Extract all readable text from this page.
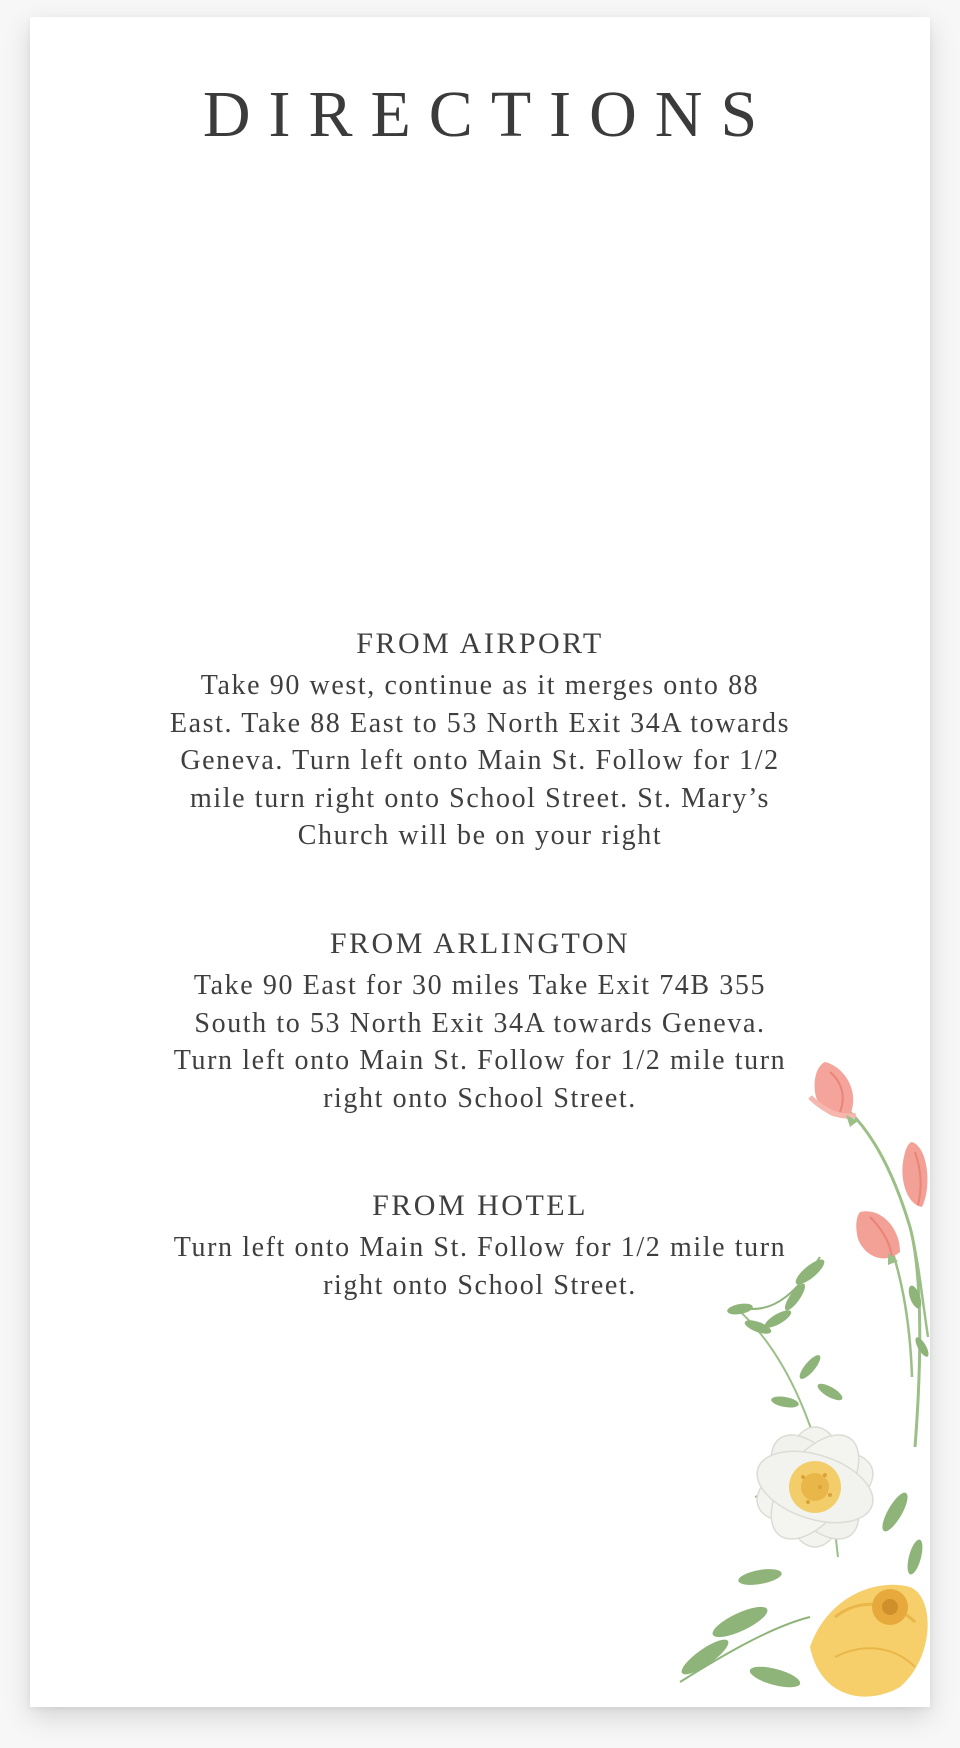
DIRECTIONS
FROM AIRPORT

Take 90 west, continue as it merges onto 88
East. Take 88 East to 53 North Exit 34A towards
Geneva. Turn left onto Main St. Follow for 1/2
mile turn right onto School Street. St. Mary’s
Church will be on your right

FROM ARLINGTON

Take 90 East for 30 miles Take Exit 74B 355
South to 53 North Exit 34A towards Geneva.
Turn left onto Main St. Follow for 1/2 mile turn
right onto School Street.

FROM HOTEL

Turn left onto Main St. Follow for 1/2 mile turn
right onto School Street.
